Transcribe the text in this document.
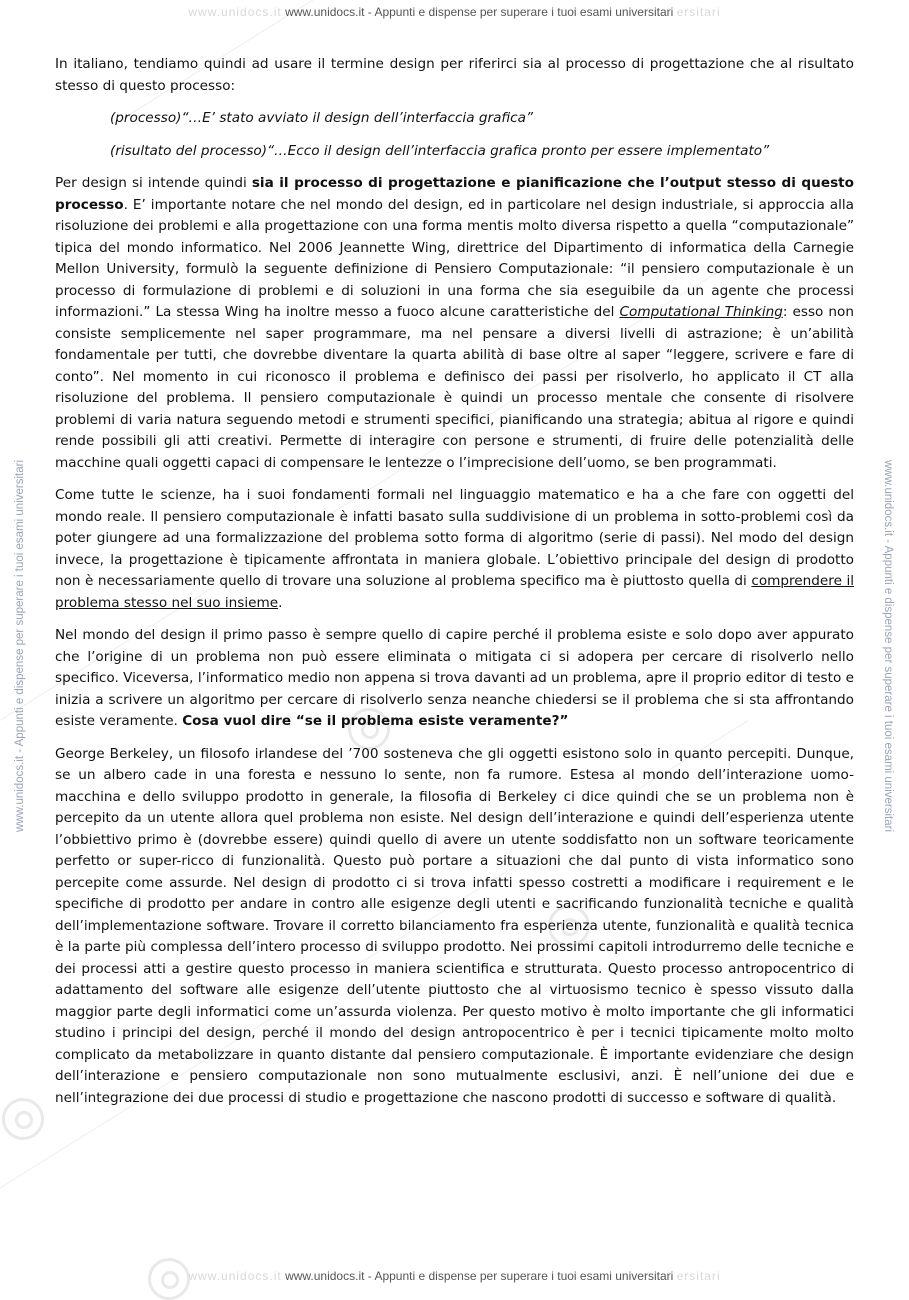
www.unidocs.it www.unidocs.it - Appunti e dispense per superare i tuoi esami universitari ersitari
www.unidocs.it - Appunti e dispense per superare i tuoi esami universitari	www.unidocs.it - Appunti e dispense per superare i tuoi esami universitari

In italiano, tendiamo quindi ad usare il termine design per riferirci sia al processo di progettazione che al risultato stesso di questo processo:

(processo)“…E’ stato avviato il design dell’interfaccia grafica”

(risultato del processo)“…Ecco il design dell’interfaccia grafica pronto per essere implementato”

Per design si intende quindi sia il processo di progettazione e pianificazione che l’output stesso di questo processo. E’ importante notare che nel mondo del design, ed in particolare nel design industriale, si approccia alla risoluzione dei problemi e alla progettazione con una forma mentis molto diversa rispetto a quella “computazionale” tipica del mondo informatico. Nel 2006 Jeannette Wing, direttrice del Dipartimento di informatica della Carnegie Mellon University, formulò la seguente definizione di Pensiero Computazionale: “il pensiero computazionale è un processo di formulazione di problemi e di soluzioni in una forma che sia eseguibile da un agente che processi informazioni.” La stessa Wing ha inoltre messo a fuoco alcune caratteristiche del Computational Thinking: esso non consiste semplicemente nel saper programmare, ma nel pensare a diversi livelli di astrazione; è un’abilità fondamentale per tutti, che dovrebbe diventare la quarta abilità di base oltre al saper “leggere, scrivere e fare di conto”. Nel momento in cui riconosco il problema e definisco dei passi per risolverlo, ho applicato il CT alla risoluzione del problema. Il pensiero computazionale è quindi un processo mentale che consente di risolvere problemi di varia natura seguendo metodi e strumenti specifici, pianificando una strategia; abitua al rigore e quindi rende possibili gli atti creativi. Permette di interagire con persone e strumenti, di fruire delle potenzialità delle macchine quali oggetti capaci di compensare le lentezze o l’imprecisione dell’uomo, se ben programmati.

Come tutte le scienze, ha i suoi fondamenti formali nel linguaggio matematico e ha a che fare con oggetti del mondo reale. Il pensiero computazionale è infatti basato sulla suddivisione di un problema in sotto-problemi così da poter giungere ad una formalizzazione del problema sotto forma di algoritmo (serie di passi). Nel modo del design invece, la progettazione è tipicamente affrontata in maniera globale. L’obiettivo principale del design di prodotto non è necessariamente quello di trovare una soluzione al problema specifico ma è piuttosto quella di comprendere il problema stesso nel suo insieme.

Nel mondo del design il primo passo è sempre quello di capire perché il problema esiste e solo dopo aver appurato che l’origine di un problema non può essere eliminata o mitigata ci si adopera per cercare di risolverlo nello specifico. Viceversa, l’informatico medio non appena si trova davanti ad un problema, apre il proprio editor di testo e inizia a scrivere un algoritmo per cercare di risolverlo senza neanche chiedersi se il problema che si sta affrontando esiste veramente. Cosa vuol dire “se il problema esiste veramente?”

George Berkeley, un filosofo irlandese del ’700 sosteneva che gli oggetti esistono solo in quanto percepiti. Dunque, se un albero cade in una foresta e nessuno lo sente, non fa rumore. Estesa al mondo dell’interazione uomo-macchina e dello sviluppo prodotto in generale, la filosofia di Berkeley ci dice quindi che se un problema non è percepito da un utente allora quel problema non esiste. Nel design dell’interazione e quindi dell’esperienza utente l’obbiettivo primo è (dovrebbe essere) quindi quello di avere un utente soddisfatto non un software teoricamente perfetto or super-ricco di funzionalità. Questo può portare a situazioni che dal punto di vista informatico sono percepite come assurde. Nel design di prodotto ci si trova infatti spesso costretti a modificare i requirement e le specifiche di prodotto per andare in contro alle esigenze degli utenti e sacrificando funzionalità tecniche e qualità dell’implementazione software. Trovare il corretto bilanciamento fra esperienza utente, funzionalità e qualità tecnica è la parte più complessa dell’intero processo di sviluppo prodotto. Nei prossimi capitoli introdurremo delle tecniche e dei processi atti a gestire questo processo in maniera scientifica e strutturata. Questo processo antropocentrico di adattamento del software alle esigenze dell’utente piuttosto che al virtuosismo tecnico è spesso vissuto dalla maggior parte degli informatici come un’assurda violenza. Per questo motivo è molto importante che gli informatici studino i principi del design, perché il mondo del design antropocentrico è per i tecnici tipicamente molto molto complicato da metabolizzare in quanto distante dal pensiero computazionale. È importante evidenziare che design dell’interazione e pensiero computazionale non sono mutualmente esclusivi, anzi. È nell’unione dei due e nell’integrazione dei due processi di studio e progettazione che nascono prodotti di successo e software di qualità.

www.unidocs.it www.unidocs.it - Appunti e dispense per superare i tuoi esami universitari ersitari
